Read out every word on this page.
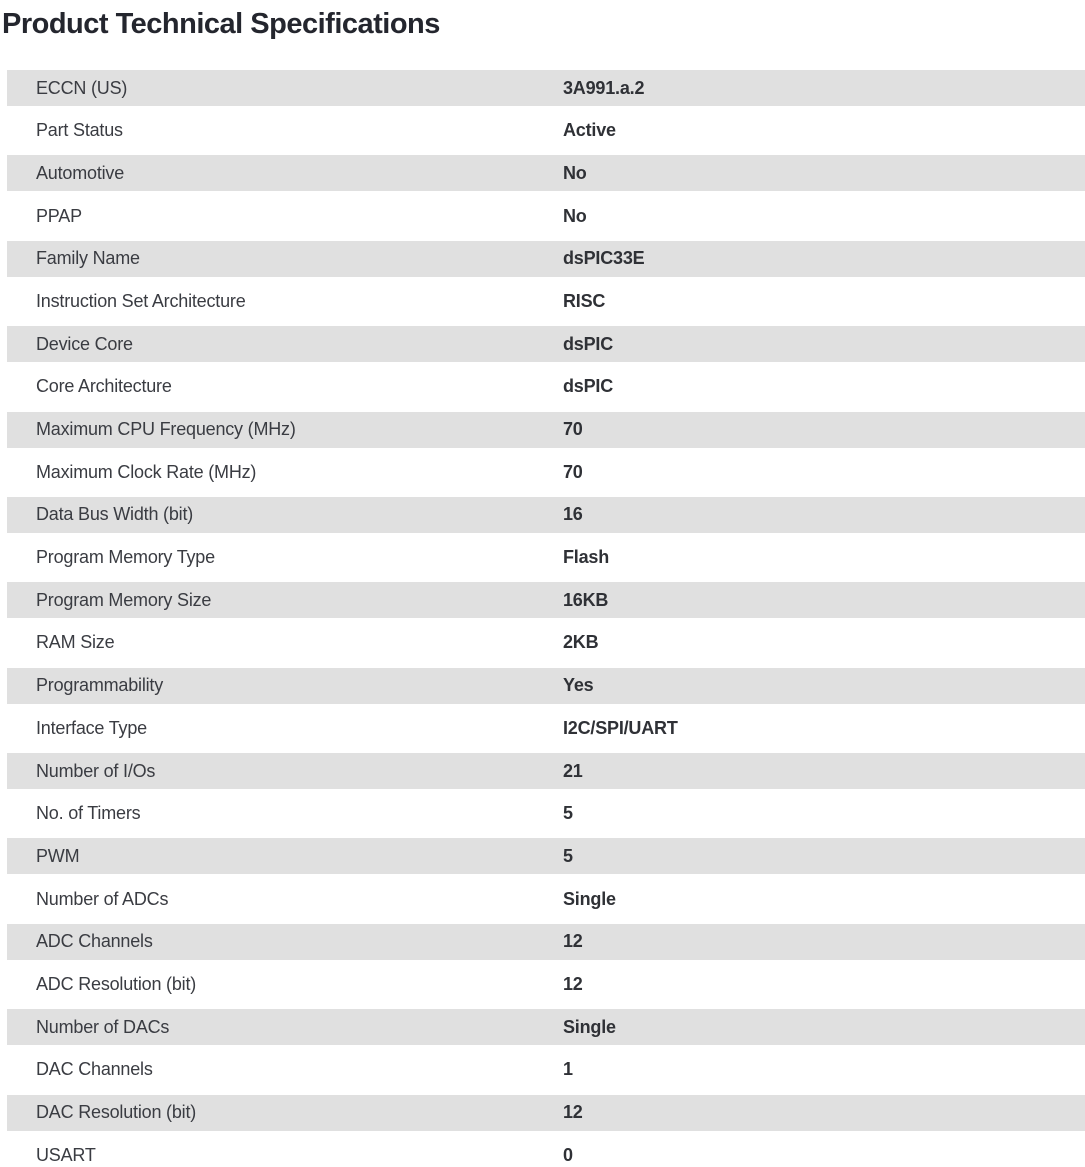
Product Technical Specifications
ECCN (US)	3A991.a.2
Part Status	Active
Automotive	No
PPAP	No
Family Name	dsPIC33E
Instruction Set Architecture	RISC
Device Core	dsPIC
Core Architecture	dsPIC
Maximum CPU Frequency (MHz)	70
Maximum Clock Rate (MHz)	70
Data Bus Width (bit)	16
Program Memory Type	Flash
Program Memory Size	16KB
RAM Size	2KB
Programmability	Yes
Interface Type	I2C/SPI/UART
Number of I/Os	21
No. of Timers	5
PWM	5
Number of ADCs	Single
ADC Channels	12
ADC Resolution (bit)	12
Number of DACs	Single
DAC Channels	1
DAC Resolution (bit)	12
USART	0
